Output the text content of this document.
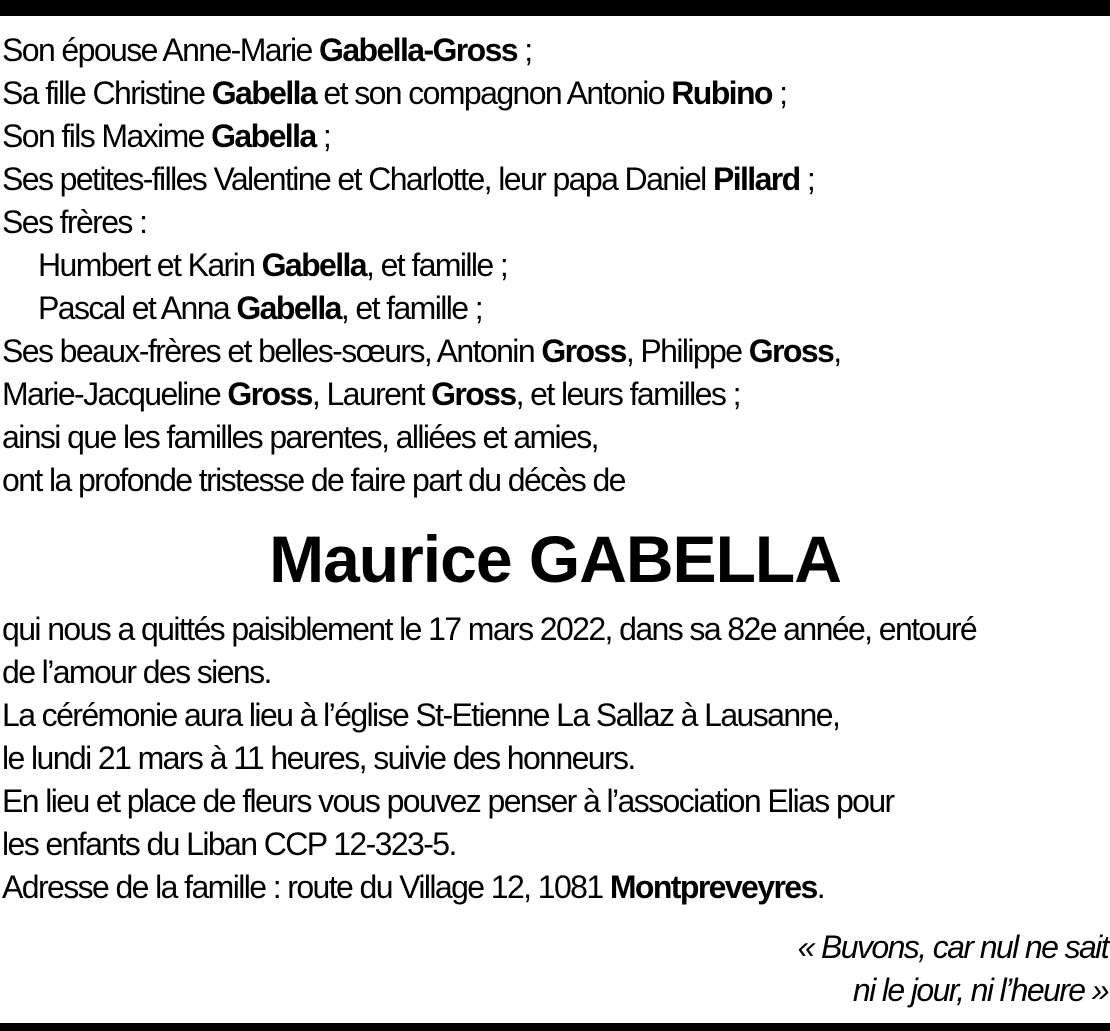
Son épouse Anne-Marie Gabella-Gross ;
Sa fille Christine Gabella et son compagnon Antonio Rubino ;
Son fils Maxime Gabella ;
Ses petites-filles Valentine et Charlotte, leur papa Daniel Pillard ;
Ses frères :
Humbert et Karin Gabella, et famille ;
Pascal et Anna Gabella, et famille ;
Ses beaux-frères et belles-sœurs, Antonin Gross, Philippe Gross,
Marie-Jacqueline Gross, Laurent Gross, et leurs familles ;
ainsi que les familles parentes, alliées et amies,
ont la profonde tristesse de faire part du décès de
Maurice GABELLA
qui nous a quittés paisiblement le 17 mars 2022, dans sa 82e année, entouré
de l’amour des siens.
La cérémonie aura lieu à l’église St-Etienne La Sallaz à Lausanne,
le lundi 21 mars à 11 heures, suivie des honneurs.
En lieu et place de fleurs vous pouvez penser à l’association Elias pour
les enfants du Liban CCP 12-323-5.
Adresse de la famille : route du Village 12, 1081 Montpreveyres.
« Buvons, car nul ne sait
ni le jour, ni l’heure »
